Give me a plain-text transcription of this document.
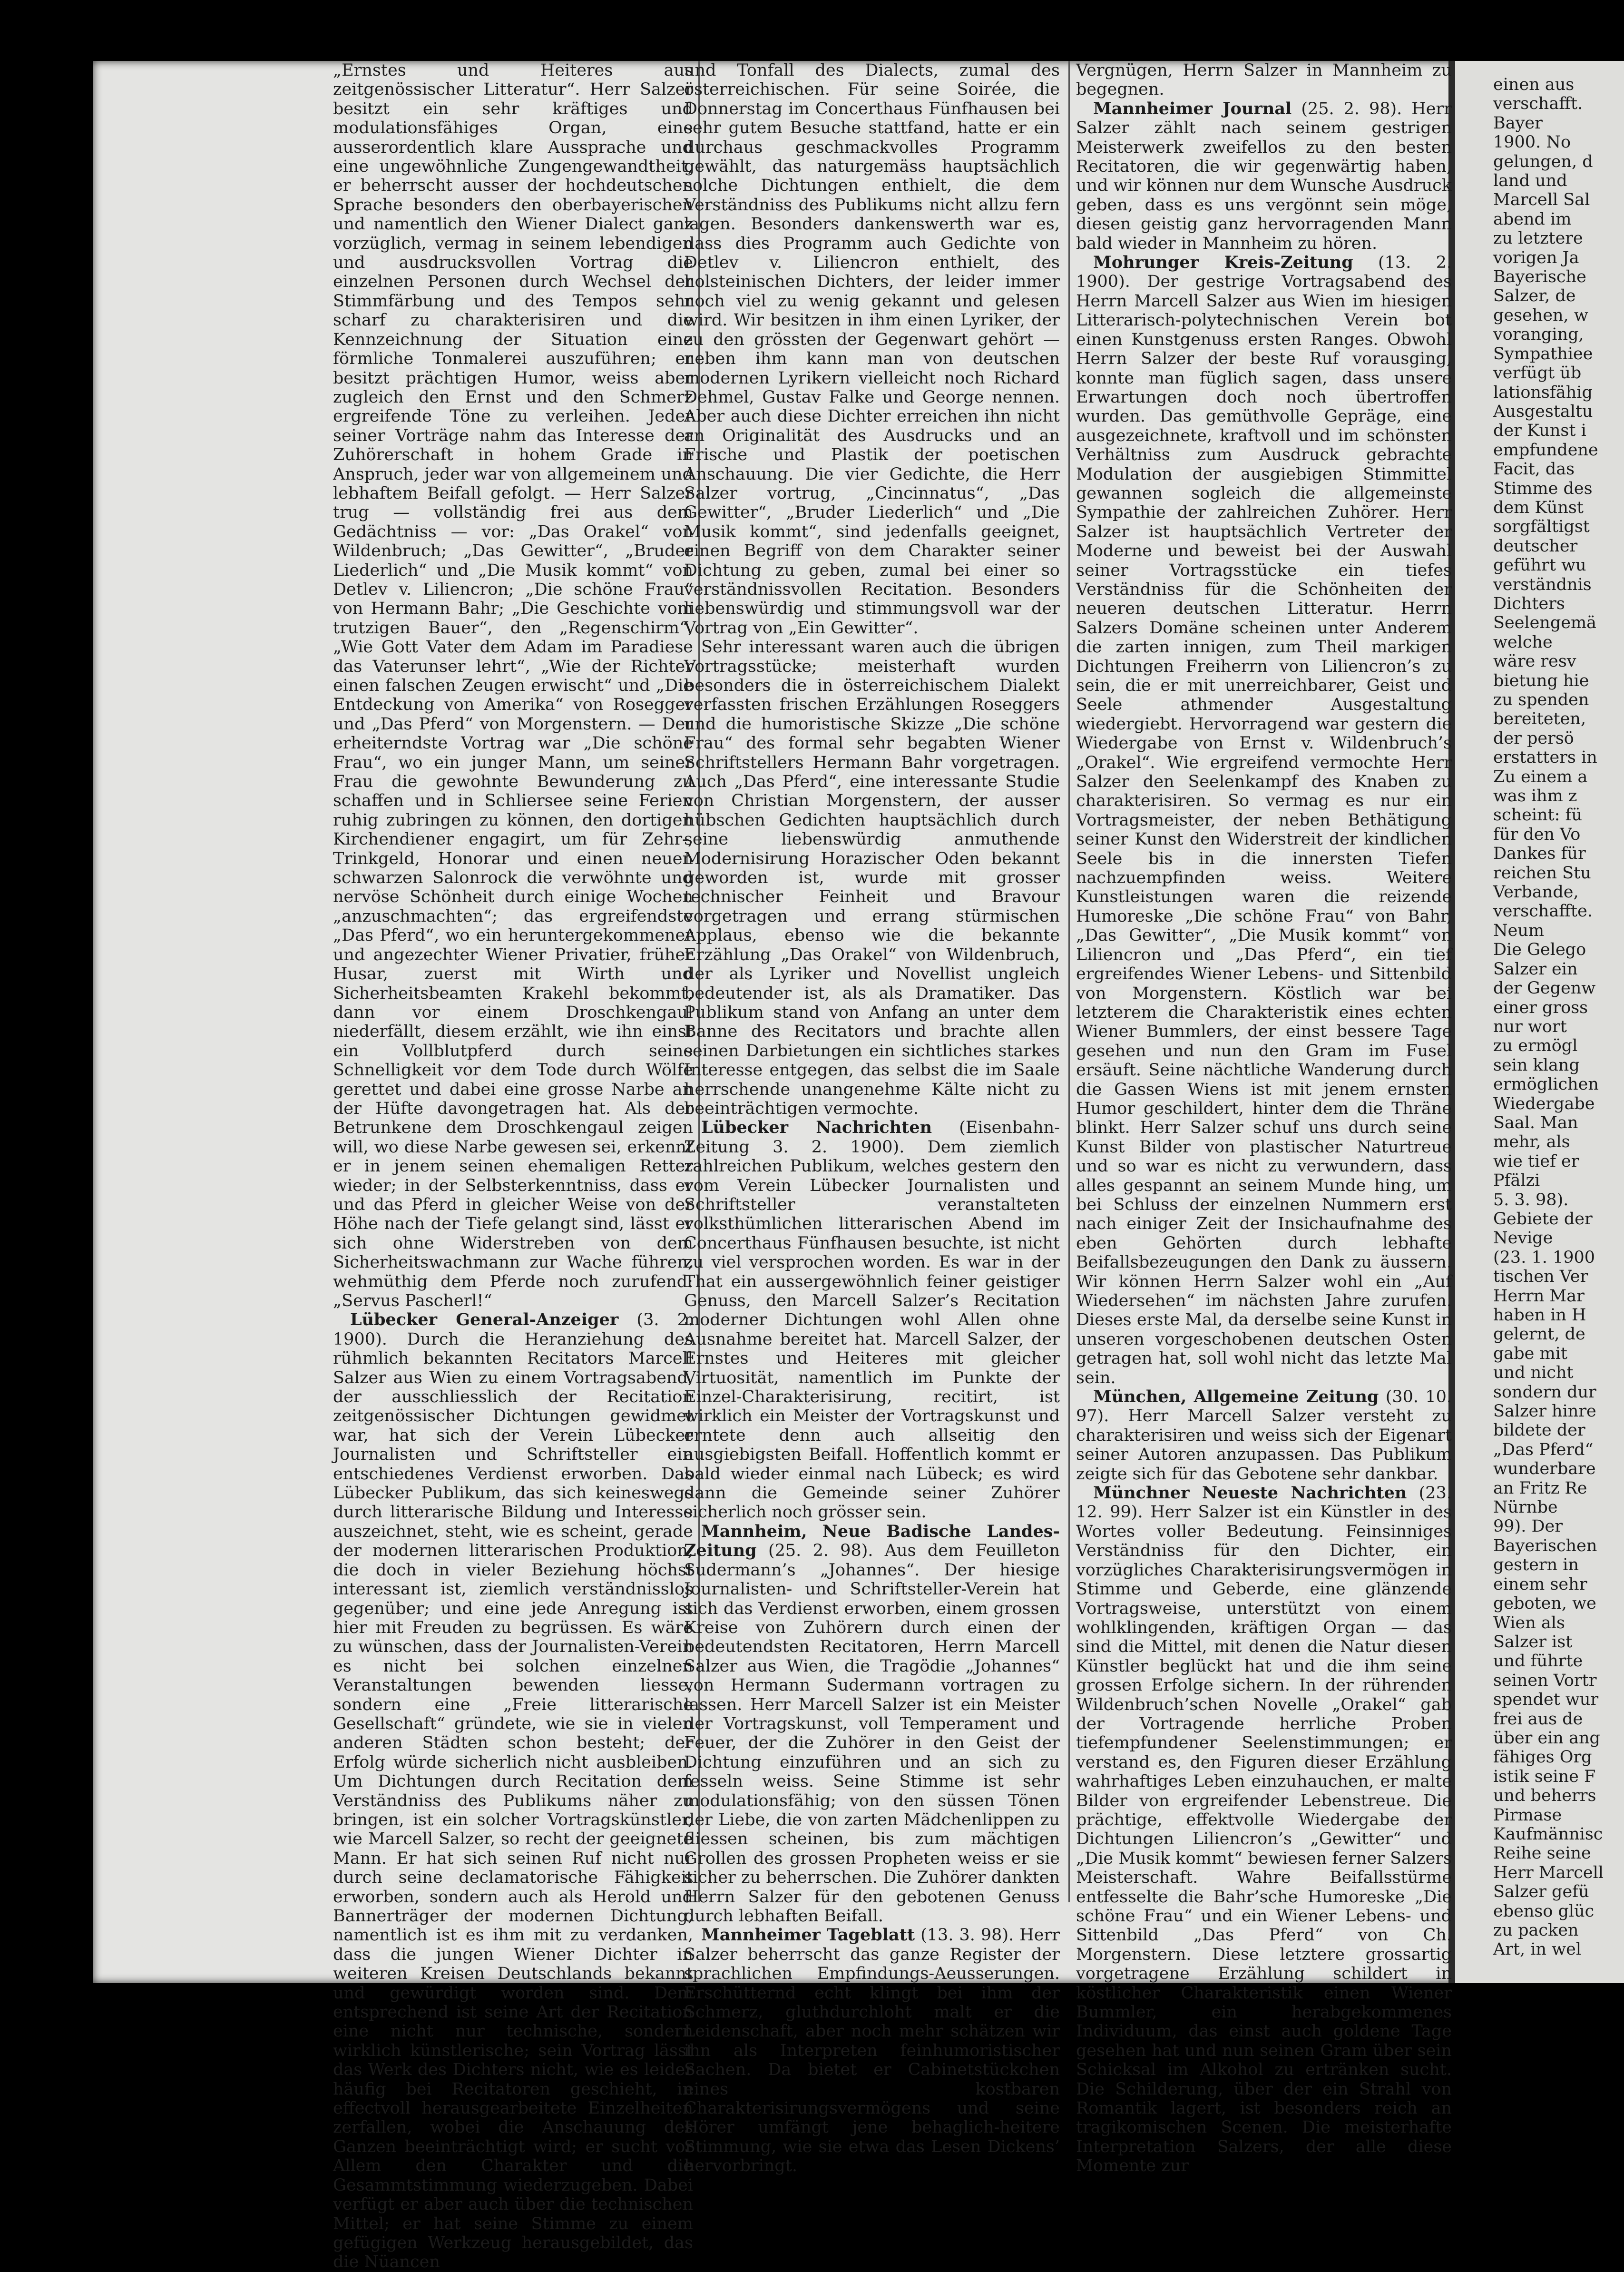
einen aus
verschafft.
Bayer
1900. No
gelungen, d
land und
Marcell Sal
abend im
zu letztere
vorigen Ja
Bayerische
Salzer, de
gesehen, w
voranging,
Sympathiee
verfügt üb
lationsfähig
Ausgestaltu
der Kunst i
empfundene
Facit, das
Stimme des
dem Künst
sorgfältigst
deutscher
geführt wu
verständnis
Dichters
Seelengemä
welche
wäre resv
bietung hie
zu spenden
bereiteten,
der persö
erstatters in
Zu einem a
was ihm z
scheint: fü
für den Vo
Dankes für
reichen Stu
Verbande,
verschaffte.
Neum
Die Gelego
Salzer ein
der Gegenw
einer gross
nur wort
zu ermögl
sein klang
ermöglichen
Wiedergabe
Saal. Man
mehr, als
wie tief er
Pfälzi
5. 3. 98).
Gebiete der
Nevige
(23. 1. 1900
tischen Ver
Herrn Mar
haben in H
gelernt, de
gabe mit
und nicht
sondern dur
Salzer hinre
bildete der
„Das Pferd“
wunderbare
an Fritz Re
Nürnbe
99). Der
Bayerischen
gestern in
einem sehr
geboten, we
Wien als
Salzer ist
und führte
seinen Vortr
spendet wur
frei aus de
über ein ang
fähiges Org
istik seine F
und beherrs
Pirmase
Kaufmännisc
Reihe seine
Herr Marcell
Salzer gefü
ebenso glüc
zu packen
Art, in wel

„Ernstes und Heiteres aus zeitgenössischer Litteratur“. Herr Salzer besitzt ein sehr kräftiges und modulationsfähiges Organ, eine ausserordentlich klare Aussprache und eine ungewöhnliche Zungengewandtheit, er beherrscht ausser der hochdeutschen Sprache besonders den oberbayerischen und namentlich den Wiener Dialect ganz vorzüglich, vermag in seinem lebendigen und ausdrucksvollen Vortrag die einzelnen Personen durch Wechsel der Stimmfärbung und des Tempos sehr scharf zu charakterisiren und die Kennzeichnung der Situation eine förmliche Tonmalerei auszuführen; er besitzt prächtigen Humor, weiss aber zugleich den Ernst und den Schmerz ergreifende Töne zu verleihen. Jeder seiner Vorträge nahm das Interesse der Zuhörerschaft in hohem Grade in Anspruch, jeder war von allgemeinem und lebhaftem Beifall gefolgt. — Herr Salzer trug — vollständig frei aus dem Gedächtniss — vor: „Das Orakel“ von Wildenbruch; „Das Gewitter“, „Bruder Liederlich“ und „Die Musik kommt“ von Detlev v. Liliencron; „Die schöne Frau“ von Hermann Bahr; „Die Geschichte vom trutzigen Bauer“, den „Regenschirm“, „Wie Gott Vater dem Adam im Paradiese das Vaterunser lehrt“, „Wie der Richter einen falschen Zeugen erwischt“ und „Die Entdeckung von Amerika“ von Rosegger und „Das Pferd“ von Morgenstern. — Der erheiterndste Vortrag war „Die schöne Frau“, wo ein junger Mann, um seiner Frau die gewohnte Bewunderung zu schaffen und in Schliersee seine Ferien ruhig zubringen zu können, den dortigen Kirchendiener engagirt, um für Zehr-, Trinkgeld, Honorar und einen neuen schwarzen Salonrock die verwöhnte und nervöse Schönheit durch einige Wochen „anzuschmachten“; das ergreifendste „Das Pferd“, wo ein heruntergekommener und angezechter Wiener Privatier, früher Husar, zuerst mit Wirth und Sicherheitsbeamten Krakehl bekommt, dann vor einem Droschkengaul niederfällt, diesem erzählt, wie ihn einst ein Vollblutpferd durch seine Schnelligkeit vor dem Tode durch Wölfe gerettet und dabei eine grosse Narbe an der Hüfte davongetragen hat. Als der Betrunkene dem Droschkengaul zeigen will, wo diese Narbe gewesen sei, erkennt er in jenem seinen ehemaligen Retter wieder; in der Selbsterkenntniss, dass er und das Pferd in gleicher Weise von der Höhe nach der Tiefe gelangt sind, lässt er sich ohne Widerstreben von dem Sicherheitswachmann zur Wache führen, wehmüthig dem Pferde noch zurufend: „Servus Pascherl!“

Lübecker General-Anzeiger (3. 2. 1900). Durch die Heranziehung des rühmlich bekannten Recitators Marcell Salzer aus Wien zu einem Vortragsabend, der ausschliesslich der Recitation zeitgenössischer Dichtungen gewidmet war, hat sich der Verein Lübecker Journalisten und Schriftsteller ein entschiedenes Verdienst erworben. Das Lübecker Publikum, das sich keineswegs durch litterarische Bildung und Interesse auszeichnet, steht, wie es scheint, gerade der modernen litterarischen Produktion, die doch in vieler Beziehung höchst interessant ist, ziemlich verständnisslos gegenüber; und eine jede Anregung ist hier mit Freuden zu begrüssen. Es wäre zu wünschen, dass der Journalisten-Verein es nicht bei solchen einzelnen Veranstaltungen bewenden liesse, sondern eine „Freie litterarische Gesellschaft“ gründete, wie sie in vielen anderen Städten schon besteht; der Erfolg würde sicherlich nicht ausbleiben. Um Dichtungen durch Recitation dem Verständniss des Publikums näher zu bringen, ist ein solcher Vortragskünstler, wie Marcell Salzer, so recht der geeignete Mann. Er hat sich seinen Ruf nicht nur durch seine declamatorische Fähigkeit erworben, sondern auch als Herold und Bannerträger der modernen Dichtung, namentlich ist es ihm mit zu verdanken, dass die jungen Wiener Dichter in weiteren Kreisen Deutschlands bekannt und gewürdigt worden sind. Dem entsprechend ist seine Art der Recitation eine nicht nur technische, sondern wirklich künstlerische; sein Vortrag lässt das Werk des Dichters nicht, wie es leider häufig bei Recitatoren geschieht, in effectvoll herausgearbeitete Einzelheiten zerfallen, wobei die Anschauung des Ganzen beeinträchtigt wird; er sucht vor Allem den Charakter und die Gesammtstimmung wiederzugeben. Dabei verfügt er aber auch über die technischen Mittel; er hat seine Stimme zu einem gefügigen Werkzeug herausgebildet, das die Nüancen

und Tonfall des Dialects, zumal des österreichischen. Für seine Soirée, die Donnerstag im Concerthaus Fünfhausen bei sehr gutem Besuche stattfand, hatte er ein durchaus geschmackvolles Programm gewählt, das naturgemäss hauptsächlich solche Dichtungen enthielt, die dem Verständniss des Publikums nicht allzu fern lagen. Besonders dankenswerth war es, dass dies Programm auch Gedichte von Detlev v. Liliencron enthielt, des holsteinischen Dichters, der leider immer noch viel zu wenig gekannt und gelesen wird. Wir besitzen in ihm einen Lyriker, der zu den grössten der Gegenwart gehört — neben ihm kann man von deutschen modernen Lyrikern vielleicht noch Richard Dehmel, Gustav Falke und George nennen. Aber auch diese Dichter erreichen ihn nicht an Originalität des Ausdrucks und an Frische und Plastik der poetischen Anschauung. Die vier Gedichte, die Herr Salzer vortrug, „Cincinnatus“, „Das Gewitter“, „Bruder Liederlich“ und „Die Musik kommt“, sind jedenfalls geeignet, einen Begriff von dem Charakter seiner Dichtung zu geben, zumal bei einer so verständnissvollen Recitation. Besonders liebenswürdig und stimmungsvoll war der Vortrag von „Ein Gewitter“.

Sehr interessant waren auch die übrigen Vortragsstücke; meisterhaft wurden besonders die in österreichischem Dialekt verfassten frischen Erzählungen Roseggers und die humoristische Skizze „Die schöne Frau“ des formal sehr begabten Wiener Schriftstellers Hermann Bahr vorgetragen. Auch „Das Pferd“, eine interessante Studie von Christian Morgenstern, der ausser hübschen Gedichten hauptsächlich durch seine liebenswürdig anmuthende Modernisirung Horazischer Oden bekannt geworden ist, wurde mit grosser technischer Feinheit und Bravour vorgetragen und errang stürmischen Applaus, ebenso wie die bekannte Erzählung „Das Orakel“ von Wildenbruch, der als Lyriker und Novellist ungleich bedeutender ist, als als Dramatiker. Das Publikum stand von Anfang an unter dem Banne des Recitators und brachte allen seinen Darbietungen ein sichtliches starkes Interesse entgegen, das selbst die im Saale herrschende unangenehme Kälte nicht zu beeinträchtigen vermochte.

Lübecker Nachrichten (Eisenbahn-Zeitung 3. 2. 1900). Dem ziemlich zahlreichen Publikum, welches gestern den vom Verein Lübecker Journalisten und Schriftsteller veranstalteten volksthümlichen litterarischen Abend im Concerthaus Fünfhausen besuchte, ist nicht zu viel versprochen worden. Es war in der That ein aussergewöhnlich feiner geistiger Genuss, den Marcell Salzer’s Recitation moderner Dichtungen wohl Allen ohne Ausnahme bereitet hat. Marcell Salzer, der Ernstes und Heiteres mit gleicher Virtuosität, namentlich im Punkte der Einzel-Charakterisirung, recitirt, ist wirklich ein Meister der Vortragskunst und erntete denn auch allseitig den ausgiebigsten Beifall. Hoffentlich kommt er bald wieder einmal nach Lübeck; es wird dann die Gemeinde seiner Zuhörer sicherlich noch grösser sein.

Mannheim, Neue Badische Landes-Zeitung (25. 2. 98). Aus dem Feuilleton Sudermann’s „Johannes“. Der hiesige Journalisten- und Schriftsteller-Verein hat sich das Verdienst erworben, einem grossen Kreise von Zuhörern durch einen der bedeutendsten Recitatoren, Herrn Marcell Salzer aus Wien, die Tragödie „Johannes“ von Hermann Sudermann vortragen zu lassen. Herr Marcell Salzer ist ein Meister der Vortragskunst, voll Temperament und Feuer, der die Zuhörer in den Geist der Dichtung einzuführen und an sich zu fesseln weiss. Seine Stimme ist sehr modulationsfähig; von den süssen Tönen der Liebe, die von zarten Mädchenlippen zu fliessen scheinen, bis zum mächtigen Grollen des grossen Propheten weiss er sie sicher zu beherrschen. Die Zuhörer dankten Herrn Salzer für den gebotenen Genuss durch lebhaften Beifall.

Mannheimer Tageblatt (13. 3. 98). Herr Salzer beherrscht das ganze Register der sprachlichen Empfindungs-Aeusserungen. Erschütternd echt klingt bei ihm der Schmerz, gluthdurchloht malt er die Leidenschaft, aber noch mehr schätzen wir ihn als Interpreten feinhumoristischer Sachen. Da bietet er Cabinetstückchen eines kostbaren Charakterisirungsvermögens und seine Hörer umfängt jene behaglich-heitere Stimmung, wie sie etwa das Lesen Dickens’ hervorbringt.

Vergnügen, Herrn Salzer in Mannheim zu begegnen.

Mannheimer Journal (25. 2. 98). Herr Salzer zählt nach seinem gestrigen Meisterwerk zweifellos zu den besten Recitatoren, die wir gegenwärtig haben, und wir können nur dem Wunsche Ausdruck geben, dass es uns vergönnt sein möge, diesen geistig ganz hervorragenden Mann bald wieder in Mannheim zu hören.

Mohrunger Kreis-Zeitung (13. 2. 1900). Der gestrige Vortragsabend des Herrn Marcell Salzer aus Wien im hiesigen Litterarisch-polytechnischen Verein bot einen Kunstgenuss ersten Ranges. Obwohl Herrn Salzer der beste Ruf vorausging, konnte man füglich sagen, dass unsere Erwartungen doch noch übertroffen wurden. Das gemüthvolle Gepräge, eine ausgezeichnete, kraftvoll und im schönsten Verhältniss zum Ausdruck gebrachte Modulation der ausgiebigen Stimmittel gewannen sogleich die allgemeinste Sympathie der zahlreichen Zuhörer. Herr Salzer ist hauptsächlich Vertreter der Moderne und beweist bei der Auswahl seiner Vortragsstücke ein tiefes Verständniss für die Schönheiten der neueren deutschen Litteratur. Herrn Salzers Domäne scheinen unter Anderem die zarten innigen, zum Theil markigen Dichtungen Freiherrn von Liliencron’s zu sein, die er mit unerreichbarer, Geist und Seele athmender Ausgestaltung wiedergiebt. Hervorragend war gestern die Wiedergabe von Ernst v. Wildenbruch’s „Orakel“. Wie ergreifend vermochte Herr Salzer den Seelenkampf des Knaben zu charakterisiren. So vermag es nur ein Vortragsmeister, der neben Bethätigung seiner Kunst den Widerstreit der kindlichen Seele bis in die innersten Tiefen nachzuempfinden weiss. Weitere Kunstleistungen waren die reizende Humoreske „Die schöne Frau“ von Bahr, „Das Gewitter“, „Die Musik kommt“ von Liliencron und „Das Pferd“, ein tief ergreifendes Wiener Lebens- und Sittenbild von Morgenstern. Köstlich war bei letzterem die Charakteristik eines echten Wiener Bummlers, der einst bessere Tage gesehen und nun den Gram im Fusel ersäuft. Seine nächtliche Wanderung durch die Gassen Wiens ist mit jenem ernsten Humor geschildert, hinter dem die Thräne blinkt. Herr Salzer schuf uns durch seine Kunst Bilder von plastischer Naturtreue und so war es nicht zu verwundern, dass alles gespannt an seinem Munde hing, um bei Schluss der einzelnen Nummern erst nach einiger Zeit der Insichaufnahme des eben Gehörten durch lebhafte Beifallsbezeugungen den Dank zu äussern. Wir können Herrn Salzer wohl ein „Auf Wiedersehen“ im nächsten Jahre zurufen. Dieses erste Mal, da derselbe seine Kunst in unseren vorgeschobenen deutschen Osten getragen hat, soll wohl nicht das letzte Mal sein.

München, Allgemeine Zeitung (30. 10. 97). Herr Marcell Salzer versteht zu charakterisiren und weiss sich der Eigenart seiner Autoren anzupassen. Das Publikum zeigte sich für das Gebotene sehr dankbar.

Münchner Neueste Nachrichten (23. 12. 99). Herr Salzer ist ein Künstler in des Wortes voller Bedeutung. Feinsinniges Verständniss für den Dichter, ein vorzügliches Charakterisirungsvermögen in Stimme und Geberde, eine glänzende Vortragsweise, unterstützt von einem wohlklingenden, kräftigen Organ — das sind die Mittel, mit denen die Natur diesen Künstler beglückt hat und die ihm seine grossen Erfolge sichern. In der rührenden Wildenbruch’schen Novelle „Orakel“ gab der Vortragende herrliche Proben tiefempfundener Seelenstimmungen; er verstand es, den Figuren dieser Erzählung wahrhaftiges Leben einzuhauchen, er malte Bilder von ergreifender Lebenstreue. Die prächtige, effektvolle Wiedergabe der Dichtungen Liliencron’s „Gewitter“ und „Die Musik kommt“ bewiesen ferner Salzers Meisterschaft. Wahre Beifallsstürme entfesselte die Bahr’sche Humoreske „Die schöne Frau“ und ein Wiener Lebens- und Sittenbild „Das Pferd“ von Ch. Morgenstern. Diese letztere grossartig vorgetragene Erzählung schildert in köstlicher Charakteristik einen Wiener Bummler, ein herabgekommenes Individuum, das einst auch goldene Tage gesehen hat und nun seinen Gram über sein Schicksal im Alkohol zu ertränken sucht. Die Schilderung, über der ein Strahl von Romantik lagert, ist besonders reich an tragikomischen Scenen. Die meisterhafte Interpretation Salzers, der alle diese Momente zur
